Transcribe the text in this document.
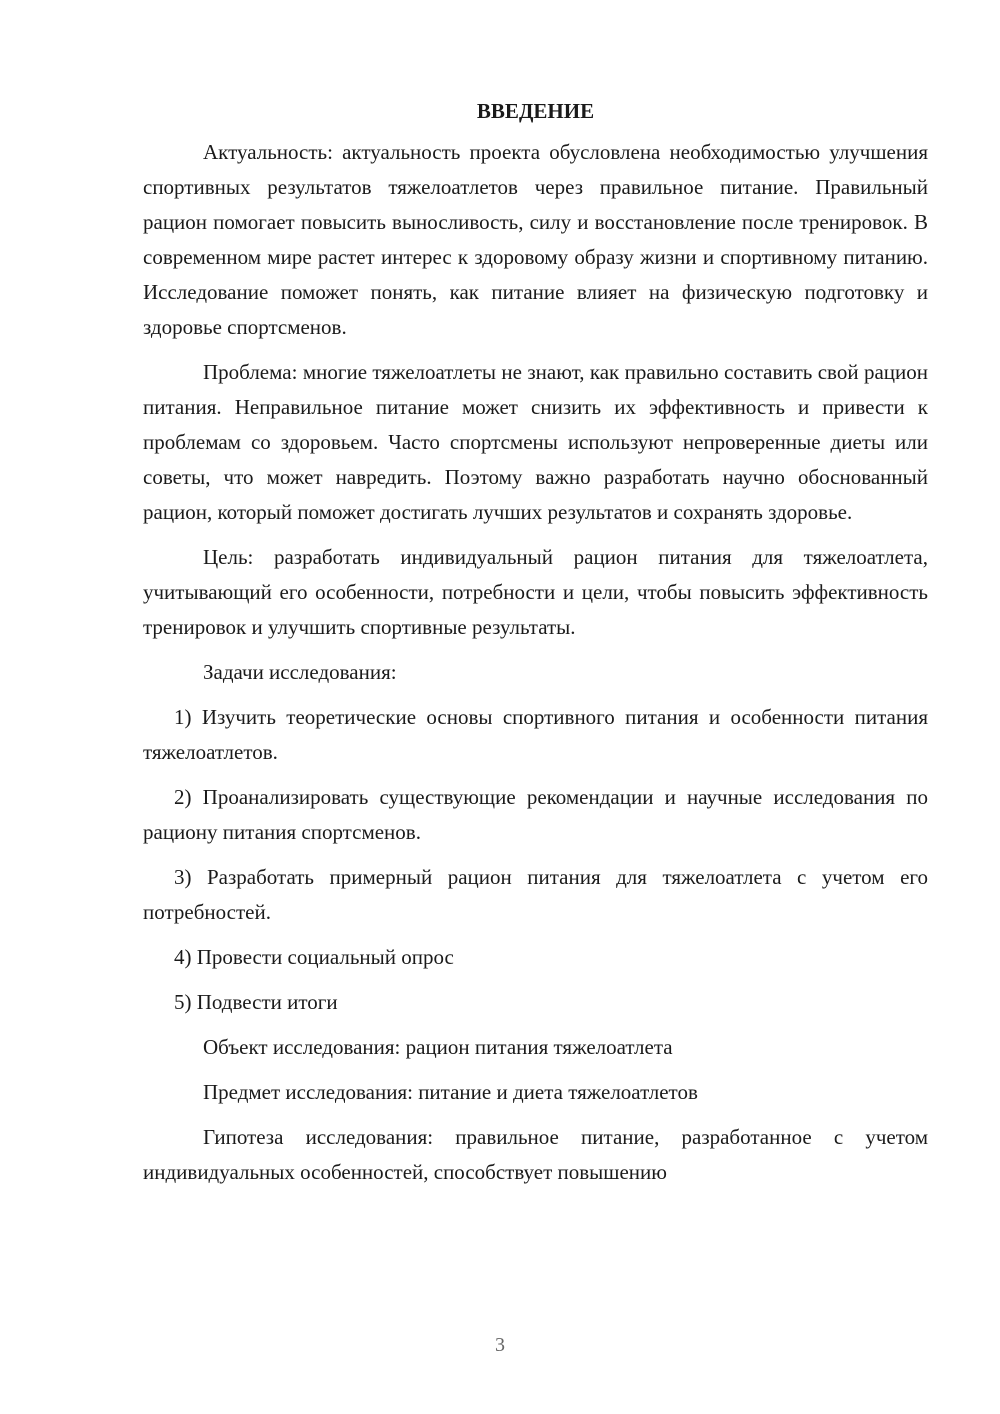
ВВЕДЕНИЕ

Актуальность: актуальность проекта обусловлена необходимостью улучшения спортивных результатов тяжелоатлетов через правильное питание. Правильный рацион помогает повысить выносливость, силу и восстановление после тренировок. В современном мире растет интерес к здоровому образу жизни и спортивному питанию. Исследование поможет понять, как питание влияет на физическую подготовку и здоровье спортсменов.

Проблема: многие тяжелоатлеты не знают, как правильно составить свой рацион питания. Неправильное питание может снизить их эффективность и привести к проблемам со здоровьем. Часто спортсмены используют непроверенные диеты или советы, что может навредить. Поэтому важно разработать научно обоснованный рацион, который поможет достигать лучших результатов и сохранять здоровье.

Цель: разработать индивидуальный рацион питания для тяжелоатлета, учитывающий его особенности, потребности и цели, чтобы повысить эффективность тренировок и улучшить спортивные результаты.

Задачи исследования:

1) Изучить теоретические основы спортивного питания и особенности питания тяжелоатлетов.

2) Проанализировать существующие рекомендации и научные исследования по рациону питания спортсменов.

3) Разработать примерный рацион питания для тяжелоатлета с учетом его потребностей.

4) Провести социальный опрос

5) Подвести итоги

Объект исследования: рацион питания тяжелоатлета

Предмет исследования: питание и диета тяжелоатлетов

Гипотеза исследования: правильное питание, разработанное с учетом индивидуальных особенностей, способствует повышению

3
